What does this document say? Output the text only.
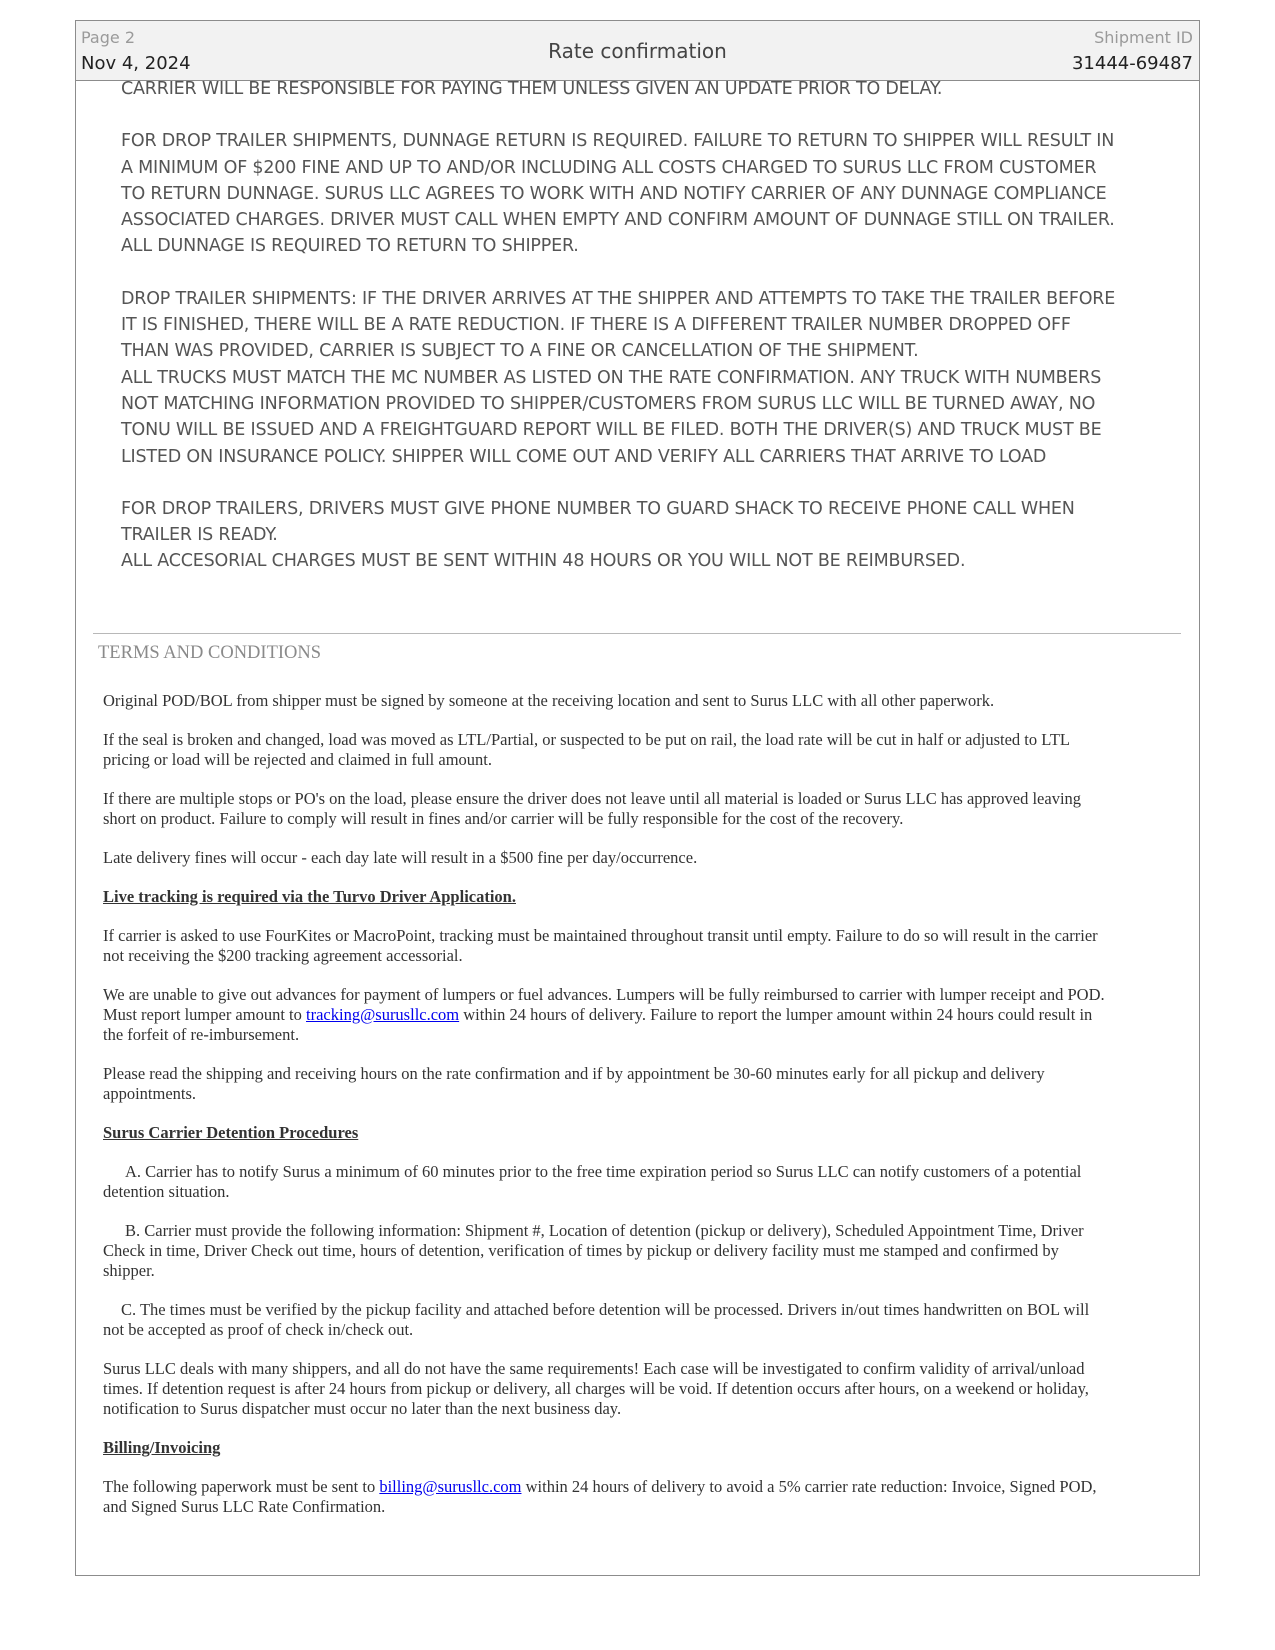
Page 2
Nov 4, 2024
Rate confirmation
Shipment ID
31444-69487

CARRIER WILL BE RESPONSIBLE FOR PAYING THEM UNLESS GIVEN AN UPDATE PRIOR TO DELAY.

FOR DROP TRAILER SHIPMENTS, DUNNAGE RETURN IS REQUIRED. FAILURE TO RETURN TO SHIPPER WILL RESULT IN A MINIMUM OF $200 FINE AND UP TO AND/OR INCLUDING ALL COSTS CHARGED TO SURUS LLC FROM CUSTOMER TO RETURN DUNNAGE. SURUS LLC AGREES TO WORK WITH AND NOTIFY CARRIER OF ANY DUNNAGE COMPLIANCE ASSOCIATED CHARGES. DRIVER MUST CALL WHEN EMPTY AND CONFIRM AMOUNT OF DUNNAGE STILL ON TRAILER. ALL DUNNAGE IS REQUIRED TO RETURN TO SHIPPER.

DROP TRAILER SHIPMENTS: IF THE DRIVER ARRIVES AT THE SHIPPER AND ATTEMPTS TO TAKE THE TRAILER BEFORE IT IS FINISHED, THERE WILL BE A RATE REDUCTION. IF THERE IS A DIFFERENT TRAILER NUMBER DROPPED OFF THAN WAS PROVIDED, CARRIER IS SUBJECT TO A FINE OR CANCELLATION OF THE SHIPMENT.

ALL TRUCKS MUST MATCH THE MC NUMBER AS LISTED ON THE RATE CONFIRMATION. ANY TRUCK WITH NUMBERS NOT MATCHING INFORMATION PROVIDED TO SHIPPER/CUSTOMERS FROM SURUS LLC WILL BE TURNED AWAY, NO TONU WILL BE ISSUED AND A FREIGHTGUARD REPORT WILL BE FILED. BOTH THE DRIVER(S) AND TRUCK MUST BE LISTED ON INSURANCE POLICY. SHIPPER WILL COME OUT AND VERIFY ALL CARRIERS THAT ARRIVE TO LOAD

FOR DROP TRAILERS, DRIVERS MUST GIVE PHONE NUMBER TO GUARD SHACK TO RECEIVE PHONE CALL WHEN TRAILER IS READY.

ALL ACCESORIAL CHARGES MUST BE SENT WITHIN 48 HOURS OR YOU WILL NOT BE REIMBURSED.

TERMS AND CONDITIONS

Original POD/BOL from shipper must be signed by someone at the receiving location and sent to Surus LLC with all other paperwork.

If the seal is broken and changed, load was moved as LTL/Partial, or suspected to be put on rail, the load rate will be cut in half or adjusted to LTL pricing or load will be rejected and claimed in full amount.

If there are multiple stops or PO's on the load, please ensure the driver does not leave until all material is loaded or Surus LLC has approved leaving short on product. Failure to comply will result in fines and/or carrier will be fully responsible for the cost of the recovery.

Late delivery fines will occur - each day late will result in a $500 fine per day/occurrence.

Live tracking is required via the Turvo Driver Application.

If carrier is asked to use FourKites or MacroPoint, tracking must be maintained throughout transit until empty. Failure to do so will result in the carrier not receiving the $200 tracking agreement accessorial.

We are unable to give out advances for payment of lumpers or fuel advances. Lumpers will be fully reimbursed to carrier with lumper receipt and POD. Must report lumper amount to tracking@surusllc.com within 24 hours of delivery. Failure to report the lumper amount within 24 hours could result in the forfeit of re-imbursement.

Please read the shipping and receiving hours on the rate confirmation and if by appointment be 30-60 minutes early for all pickup and delivery appointments.

Surus Carrier Detention Procedures

A. Carrier has to notify Surus a minimum of 60 minutes prior to the free time expiration period so Surus LLC can notify customers of a potential detention situation.

B. Carrier must provide the following information: Shipment #, Location of detention (pickup or delivery), Scheduled Appointment Time, Driver Check in time, Driver Check out time, hours of detention, verification of times by pickup or delivery facility must me stamped and confirmed by shipper.

C. The times must be verified by the pickup facility and attached before detention will be processed. Drivers in/out times handwritten on BOL will not be accepted as proof of check in/check out.

Surus LLC deals with many shippers, and all do not have the same requirements! Each case will be investigated to confirm validity of arrival/unload times. If detention request is after 24 hours from pickup or delivery, all charges will be void. If detention occurs after hours, on a weekend or holiday, notification to Surus dispatcher must occur no later than the next business day.

Billing/Invoicing

The following paperwork must be sent to billing@surusllc.com within 24 hours of delivery to avoid a 5% carrier rate reduction: Invoice, Signed POD, and Signed Surus LLC Rate Confirmation.
